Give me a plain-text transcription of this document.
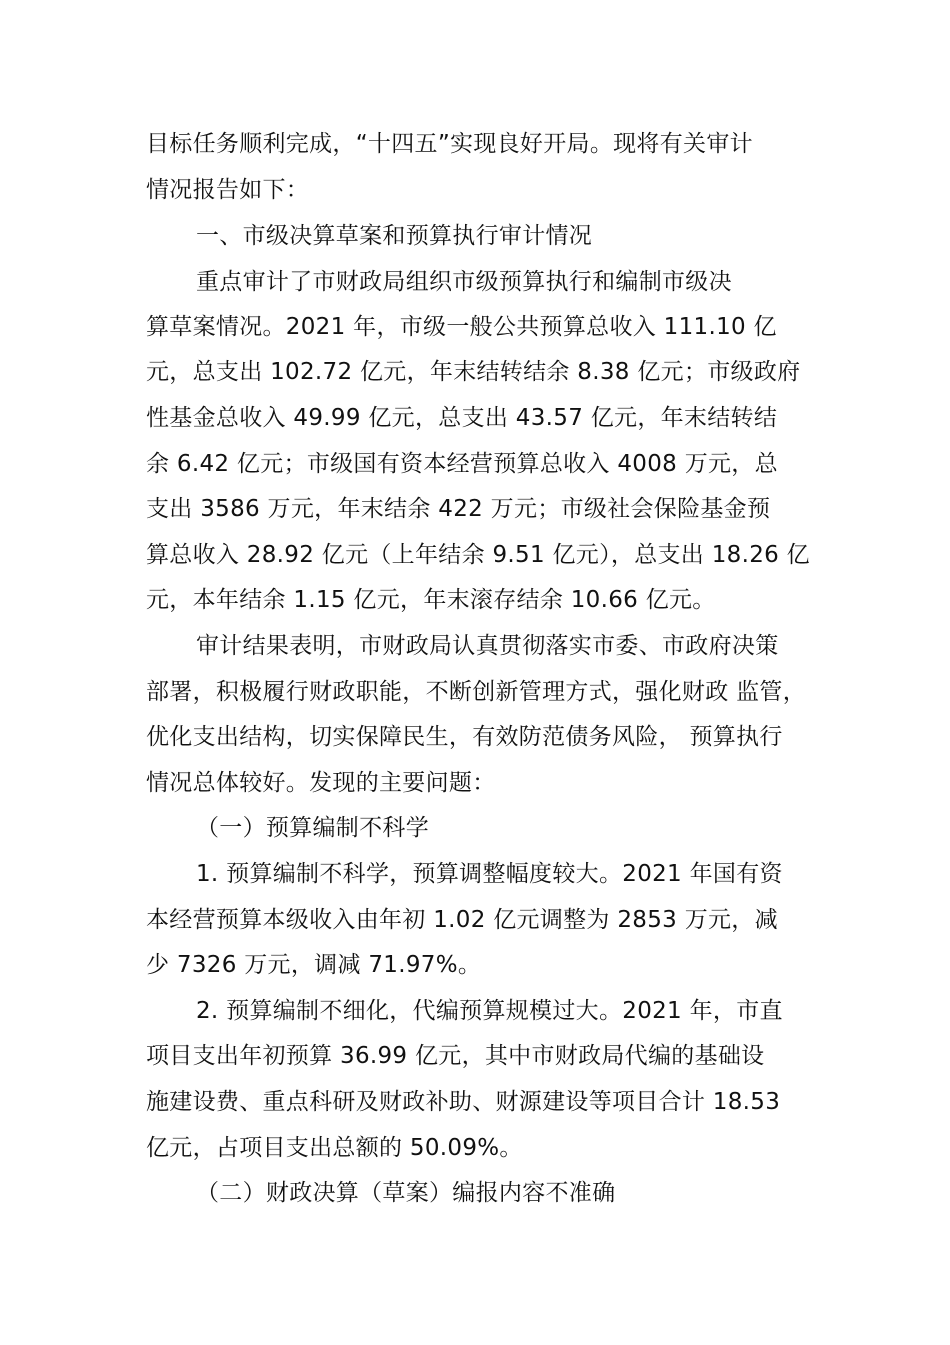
目标任务顺利完成，“十四五”实现良好开局。现将有关审计
情况报告如下：
一、市级决算草案和预算执行审计情况
重点审计了市财政局组织市级预算执行和编制市级决
算草案情况。2021 年，市级一般公共预算总收入 111.10 亿
元，总支出 102.72 亿元，年末结转结余 8.38 亿元；市级政府
性基金总收入 49.99 亿元，总支出 43.57 亿元，年末结转结
余 6.42 亿元；市级国有资本经营预算总收入 4008 万元，总
支出 3586 万元，年末结余 422 万元；市级社会保险基金预
算总收入 28.92 亿元（上年结余 9.51 亿元），总支出 18.26 亿
元，本年结余 1.15 亿元，年末滚存结余 10.66 亿元。
审计结果表明，市财政局认真贯彻落实市委、市政府决策
部署，积极履行财政职能，不断创新管理方式，强化财政 监管，
优化支出结构，切实保障民生，有效防范债务风险， 预算执行
情况总体较好。发现的主要问题：
（一）预算编制不科学
1. 预算编制不科学，预算调整幅度较大。2021 年国有资
本经营预算本级收入由年初 1.02 亿元调整为 2853 万元，减
少 7326 万元，调减 71.97%。
2. 预算编制不细化，代编预算规模过大。2021 年，市直
项目支出年初预算 36.99 亿元，其中市财政局代编的基础设
施建设费、重点科研及财政补助、财源建设等项目合计 18.53
亿元，占项目支出总额的 50.09%。
（二）财政决算（草案）编报内容不准确
